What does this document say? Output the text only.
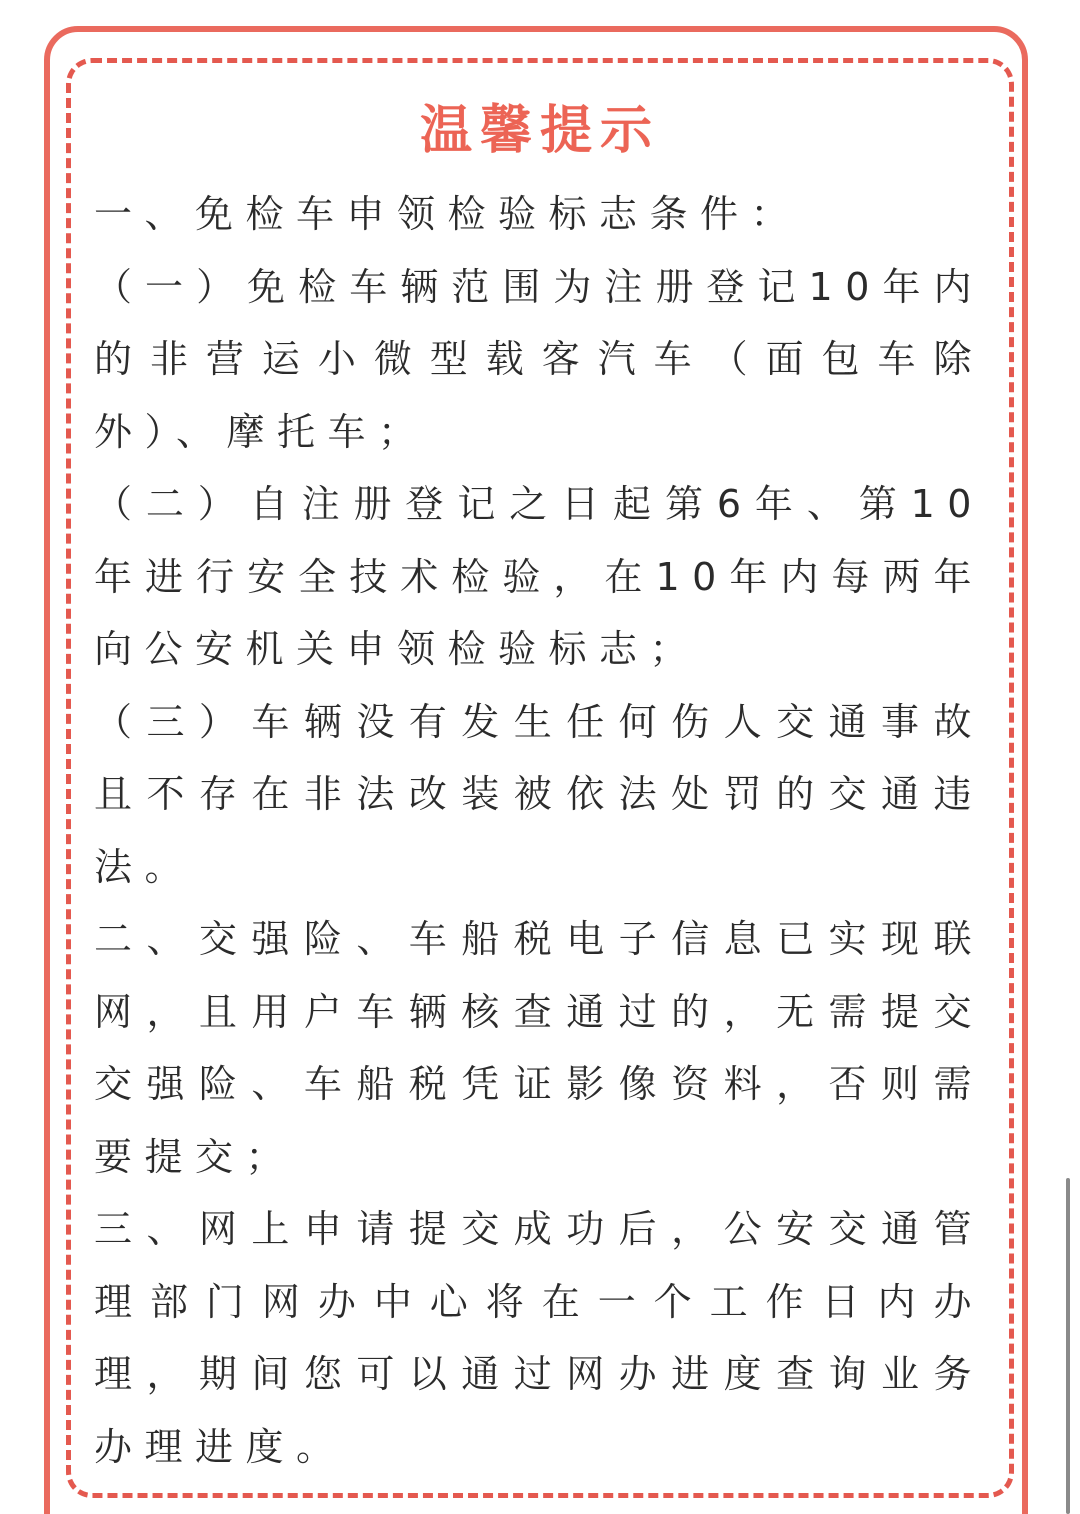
温馨提示

一、免检车申领检验标志条件：

（一）免检车辆范围为注册登记10年内的非营运小微型载客汽车（面包车除外）、摩托车；

（二）自注册登记之日起第6年、第10年进行安全技术检验，在10年内每两年向公安机关申领检验标志；

（三）车辆没有发生任何伤人交通事故且不存在非法改装被依法处罚的交通违法。

二、交强险、车船税电子信息已实现联网，且用户车辆核查通过的，无需提交交强险、车船税凭证影像资料，否则需要提交；

三、网上申请提交成功后，公安交通管理部门网办中心将在一个工作日内办理，期间您可以通过网办进度查询业务办理进度。
